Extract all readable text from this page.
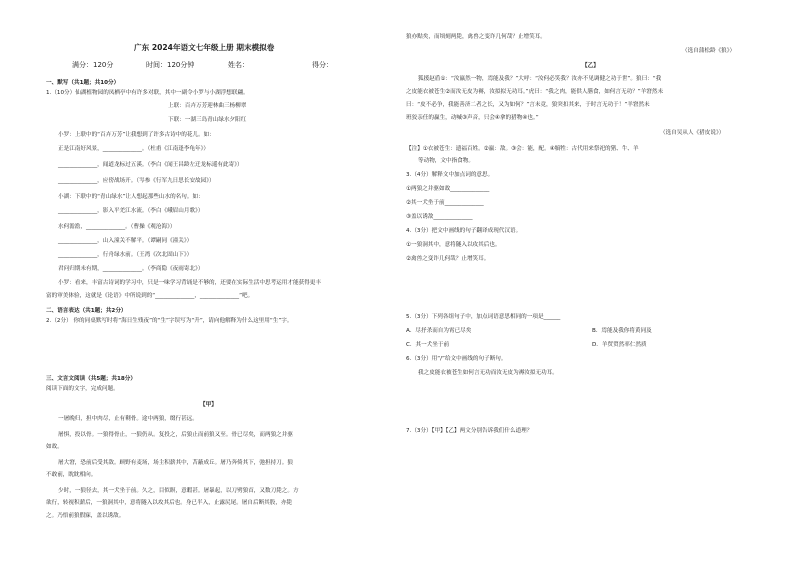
广东 2024年语文七年级上册 期末模拟卷
满分：120分	时间：120分钟	姓名：	得分：
一、默写（共1题；共10分）
1.（10分）仙湖植物园的凤栖亭中有许多对联，其中一副令小罗与小湖浮想联翩。
上联：百卉万芳迎林曲三杨柳翠
下联：一湖三岛青山绿水夕阳红
小罗：上联中的“百卉万芳”让我想到了许多古诗中的花儿。如：
正是江南好风景，______________。（杜甫《江南逢李龟年》）
______________，闻道龙标过五溪。（李白《闻王昌龄左迁龙标遥有此寄》）
______________，应傍战场开。（岑参《行军九日思长安故园》）
小湖：下联中的“青山绿水”让人想起那些山水的名句。如：
______________，影入平羌江水流。（李白《峨眉山月歌》）
水何澹澹，______________。（曹操《观沧海》）
______________，山入潼关不解平。（谭嗣同《潼关》）
______________，行舟绿水前。（王湾《次北固山下》）
君问归期未有期，______________。（李商隐《夜雨寄北》）
小罗：看来，丰富古诗词的学习中，只是一味学习背诵是不够的，还要在实际生活中思考运用才能获得更丰
富的审美体验，这就是《论语》中所说到的“______________，______________”吧。
二、语言表达（共1题；共2分）
2.（2分） 你的同桌默写时将“海日生残夜”的“生”字误写为“升”，请向他解释为什么这里用“生”字。
三、文言文阅读（共5题；共18分）
阅读下面的文字，完成问题。
【甲】
一屠晚归，担中肉尽，止有剩骨。途中两狼，缀行甚远。
屠惧，投以骨。一狼得骨止，一狼仍从。复投之，后狼止而前狼又至。骨已尽矣，而两狼之并驱
如故。
屠大窘，恐前后受其敌。顾野有麦场，场主积薪其中，苫蔽成丘。屠乃奔倚其下，弛担持刀。狼
不敢前，眈眈相向。
少时，一狼径去，其一犬坐于前。久之，目似瞑，意暇甚。屠暴起，以刀劈狼首，又数刀毙之。方
欲行，转视积薪后，一狼洞其中，意将隧入以攻其后也。身已半入，止露尻尾。屠自后断其股，亦毙
之。乃悟前狼假寐，盖以诱敌。
狼亦黠矣，而顷刻两毙，禽兽之变诈几何哉？止增笑耳。
（选自蒲松龄《狼》）
【乙】
狐援赵盾①：“汝羸然一物，焉能及我？”大呼：“汝何必笑我？汝亦不见调健之功于世”。狼曰：“我
之皮能衣被苍生②而汝无皮为褥，汝拟拟无功耳。”虎曰：“我之肉，能供人膳食，如何言无功？”羊窘然未
曰：“皮不必争，我能善济二者之长，又为如何？”言未竟，狼突扣其来，于时言无功于！”羊窘然未
班狡亲任的赢生，动喊③声音，只会④拿的猎物④也。”
（选自吴从人《猎皮说》）
【注】①衣被苍生：遗福百姓。②羸：敌。③会：能，配。④犒牲：古代用来祭祀的猪、牛、羊
等动物，文中指食物。
3.（4分）解释文中加点词的意思。
①两狼之并驱如故______________
②其一犬坐于前______________
③盖以诱敌______________
4.（3分）把文中画线的句子翻译成现代汉语。
①一狼洞其中，意将隧入以攻其后也。
②禽兽之变诈几何哉？止增笑耳。
5.（3分）下列各组句子中，加点词语意思相同的一项是______
A．尽抒杀而自为霄已尽矣	B．焉能及我你将黄同及
C．其一犬坐于前	D．羊贸贸然率仁然质
6.（3分）用“/”给文中画线的句子断句。
我之皮能衣被苍生如何言无功而汝无皮为褥汝拟无功耳。
7.（3分）【甲】【乙】两文分别告诉我们什么道理？
